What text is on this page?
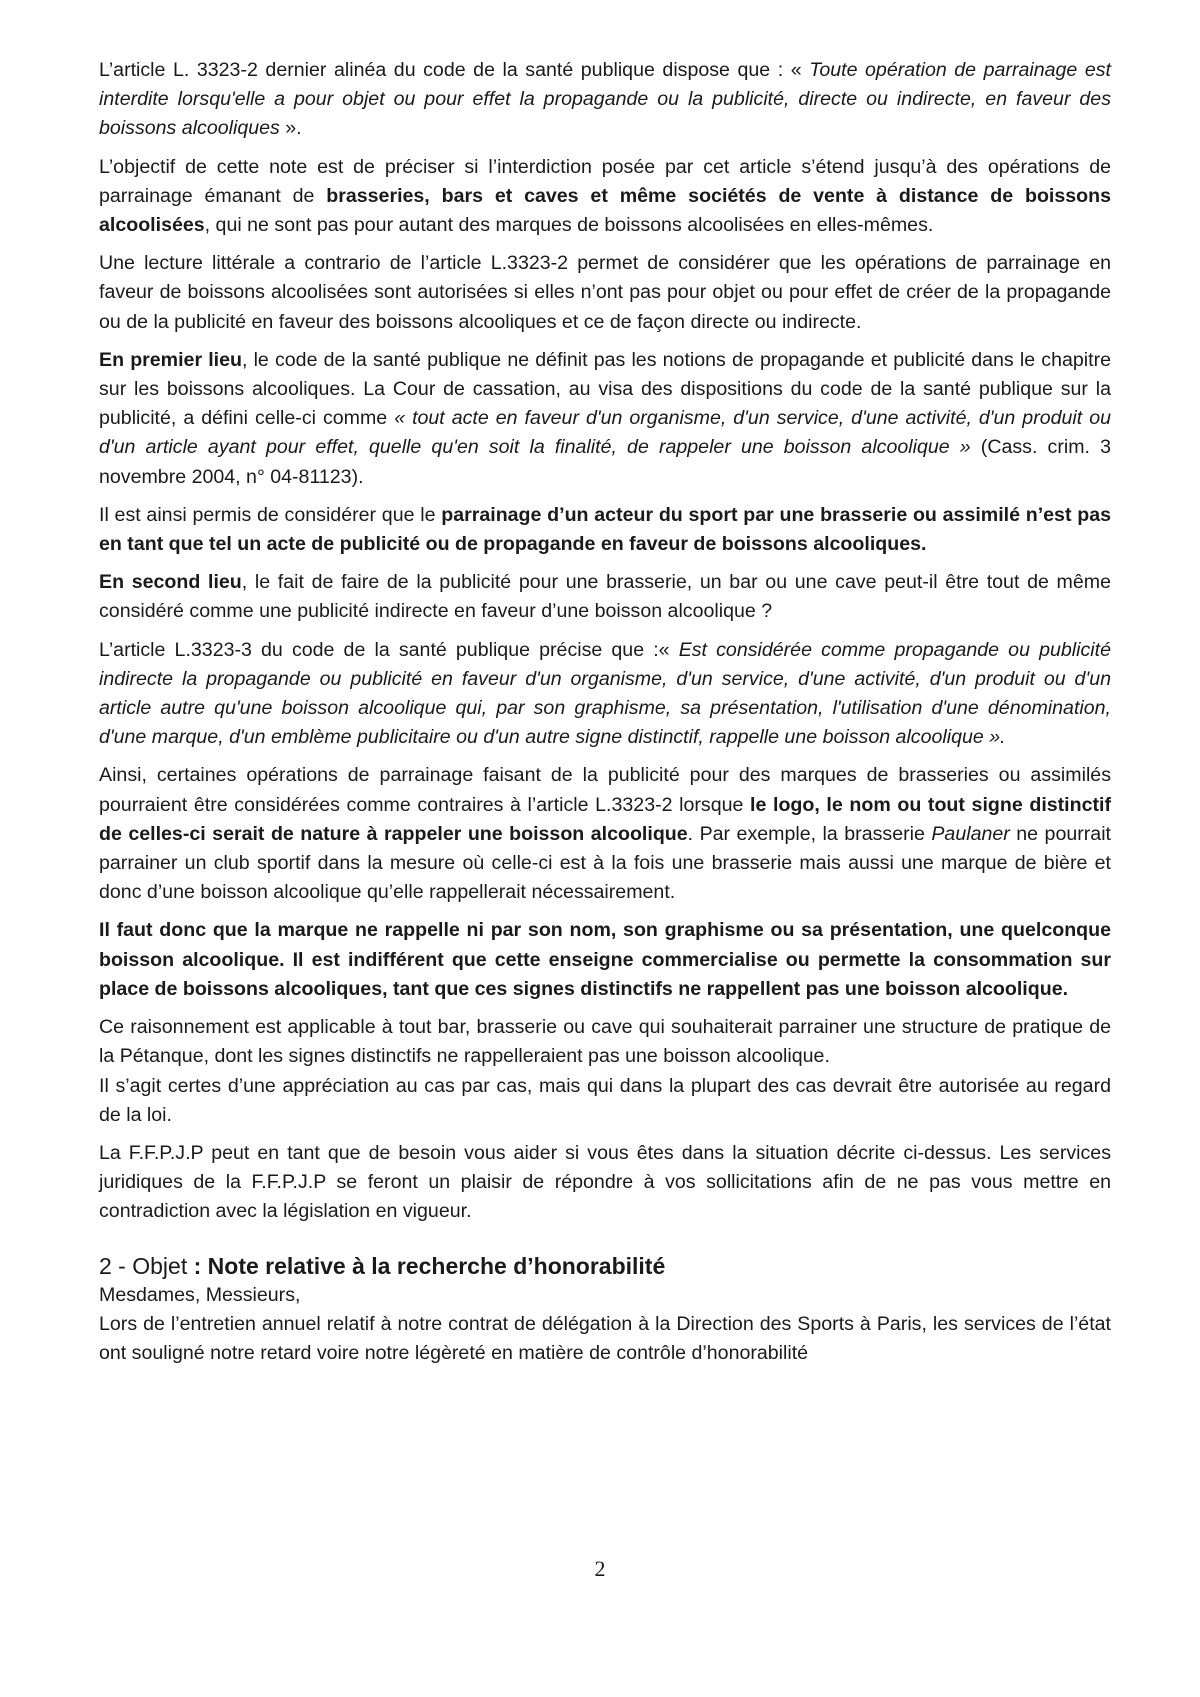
L’article L. 3323-2 dernier alinéa du code de la santé publique dispose que : « Toute opération de parrainage est interdite lorsqu'elle a pour objet ou pour effet la propagande ou la publicité, directe ou indirecte, en faveur des boissons alcooliques ».

L’objectif de cette note est de préciser si l’interdiction posée par cet article s’étend jusqu’à des opérations de parrainage émanant de brasseries, bars et caves et même sociétés de vente à distance de boissons alcoolisées, qui ne sont pas pour autant des marques de boissons alcoolisées en elles-mêmes.

Une lecture littérale a contrario de l’article L.3323-2 permet de considérer que les opérations de parrainage en faveur de boissons alcoolisées sont autorisées si elles n’ont pas pour objet ou pour effet de créer de la propagande ou de la publicité en faveur des boissons alcooliques et ce de façon directe ou indirecte.

En premier lieu, le code de la santé publique ne définit pas les notions de propagande et publicité dans le chapitre sur les boissons alcooliques. La Cour de cassation, au visa des dispositions du code de la santé publique sur la publicité, a défini celle-ci comme « tout acte en faveur d'un organisme, d'un service, d'une activité, d'un produit ou d'un article ayant pour effet, quelle qu'en soit la finalité, de rappeler une boisson alcoolique » (Cass. crim. 3 novembre 2004, n° 04-81123).

Il est ainsi permis de considérer que le parrainage d’un acteur du sport par une brasserie ou assimilé n’est pas en tant que tel un acte de publicité ou de propagande en faveur de boissons alcooliques.

En second lieu, le fait de faire de la publicité pour une brasserie, un bar ou une cave peut-il être tout de même considéré comme une publicité indirecte en faveur d’une boisson alcoolique ?

L’article L.3323-3 du code de la santé publique précise que :« Est considérée comme propagande ou publicité indirecte la propagande ou publicité en faveur d'un organisme, d'un service, d'une activité, d'un produit ou d'un article autre qu'une boisson alcoolique qui, par son graphisme, sa présentation, l'utilisation d'une dénomination, d'une marque, d'un emblème publicitaire ou d'un autre signe distinctif, rappelle une boisson alcoolique ».

Ainsi, certaines opérations de parrainage faisant de la publicité pour des marques de brasseries ou assimilés pourraient être considérées comme contraires à l’article L.3323-2 lorsque le logo, le nom ou tout signe distinctif de celles-ci serait de nature à rappeler une boisson alcoolique. Par exemple, la brasserie Paulaner ne pourrait parrainer un club sportif dans la mesure où celle-ci est à la fois une brasserie mais aussi une marque de bière et donc d’une boisson alcoolique qu’elle rappellerait nécessairement.

Il faut donc que la marque ne rappelle ni par son nom, son graphisme ou sa présentation, une quelconque boisson alcoolique. Il est indifférent que cette enseigne commercialise ou permette la consommation sur place de boissons alcooliques, tant que ces signes distinctifs ne rappellent pas une boisson alcoolique.

Ce raisonnement est applicable à tout bar, brasserie ou cave qui souhaiterait parrainer une structure de pratique de la Pétanque, dont les signes distinctifs ne rappelleraient pas une boisson alcoolique.

Il s’agit certes d’une appréciation au cas par cas, mais qui dans la plupart des cas devrait être autorisée au regard de la loi.

La F.F.P.J.P peut en tant que de besoin vous aider si vous êtes dans la situation décrite ci-dessus. Les services juridiques de la F.F.P.J.P se feront un plaisir de répondre à vos sollicitations afin de ne pas vous mettre en contradiction avec la législation en vigueur.

2 - Objet : Note relative à la recherche d’honorabilité

Mesdames, Messieurs,

Lors de l’entretien annuel relatif à notre contrat de délégation à la Direction des Sports à Paris, les services de l’état ont souligné notre retard voire notre légèreté en matière de contrôle d’honorabilité

2
